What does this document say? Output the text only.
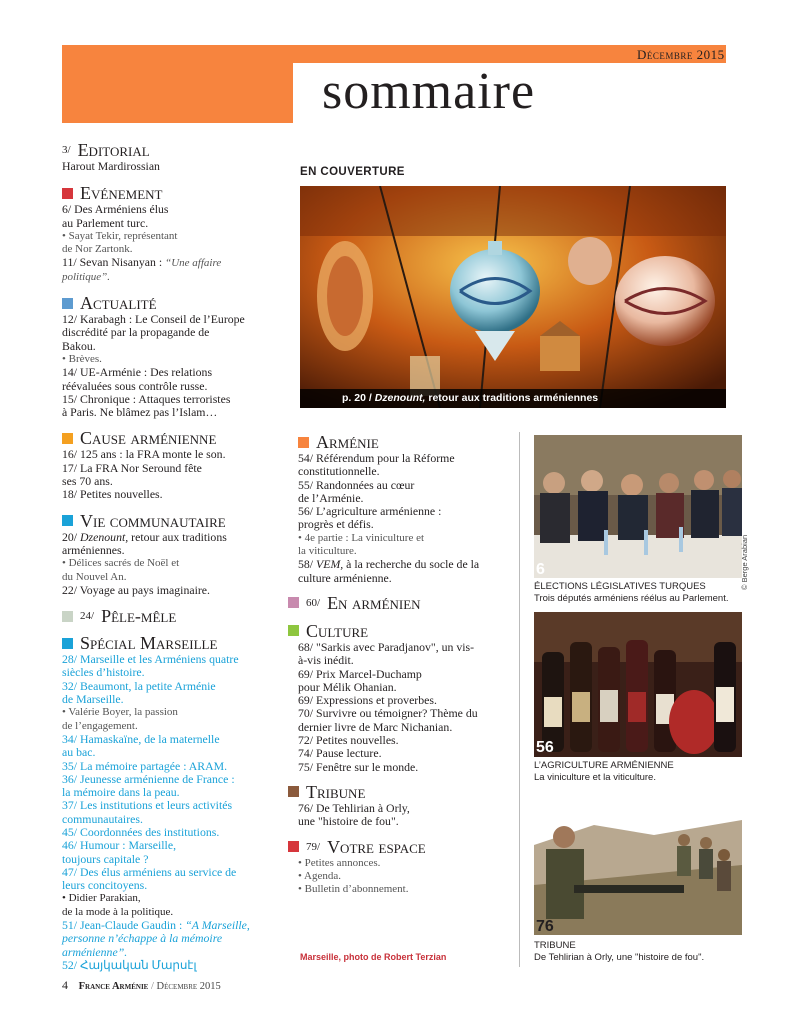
Décembre 2015
sommaire
3/ Editorial
Harout Mardirossian
Evénement
6/ Des Arméniens élus
au Parlement turc.
• Sayat Tekir, représentant
de Nor Zartonk.
11/ Sevan Nisanyan : “Une affaire
politique”.
Actualité
12/ Karabagh : Le Conseil de l’Europe
discrédité par la propagande de
Bakou.
• Brèves.
14/ UE-Arménie : Des relations
réévaluées sous contrôle russe.
15/ Chronique : Attaques terroristes
à Paris. Ne blâmez pas l’Islam…
Cause arménienne
16/ 125 ans : la FRA monte le son.
17/ La FRA Nor Seround fête
ses 70 ans.
18/ Petites nouvelles.
Vie communautaire
20/ Dzenount, retour aux traditions
arméniennes.
• Délices sacrés de Noël et
du Nouvel An.
22/ Voyage au pays imaginaire.
24/ Pêle-mêle
Spécial Marseille
28/ Marseille et les Arméniens quatre
siècles d’histoire.
32/ Beaumont, la petite Arménie
de Marseille.
• Valérie Boyer, la passion
de l’engagement.
34/ Hamaskaïne, de la maternelle
au bac.
35/ La mémoire partagée : ARAM.
36/ Jeunesse arménienne de France :
la mémoire dans la peau.
37/ Les institutions et leurs activités
communautaires.
45/ Coordonnées des institutions.
46/ Humour : Marseille,
toujours capitale ?
47/ Des élus arméniens au service de
leurs concitoyens.
• Didier Parakian,
de la mode à la politique.
51/ Jean-Claude Gaudin : “A Marseille,
personne n’échappe à la mémoire
arménienne”.
52/ Հայկական Մարսէլ
EN COUVERTURE
p. 20 / Dzenount, retour aux traditions arméniennes
Arménie
54/ Référendum pour la Réforme
constitutionnelle.
55/ Randonnées au cœur
de l’Arménie.
56/ L’agriculture arménienne :
progrès et défis.
• 4e partie : La viniculture et
la viticulture.
58/ VEM, à la recherche du socle de la
culture arménienne.
60/ En arménien
Culture
68/ "Sarkis avec Paradjanov", un vis-
à-vis inédit.
69/ Prix Marcel-Duchamp
pour Mélik Ohanian.
69/ Expressions et proverbes.
70/ Survivre ou témoigner? Thème du
dernier livre de Marc Nichanian.
72/ Petites nouvelles.
74/ Pause lecture.
75/ Fenêtre sur le monde.
Tribune
76/ De Tehlirian à Orly,
une "histoire de fou".
79/ Votre espace
• Petites annonces.
• Agenda.
• Bulletin d’abonnement.
Marseille, photo de Robert Terzian
© Berge Arabian
6
ÉLECTIONS LÉGISLATIVES TURQUES
Trois députés arméniens réélus au Parlement.
56
L’AGRICULTURE ARMÉNIENNE
La viniculture et la viticulture.
76
TRIBUNE
De Tehlirian à Orly, une "histoire de fou".
4 France Arménie / Décembre 2015
